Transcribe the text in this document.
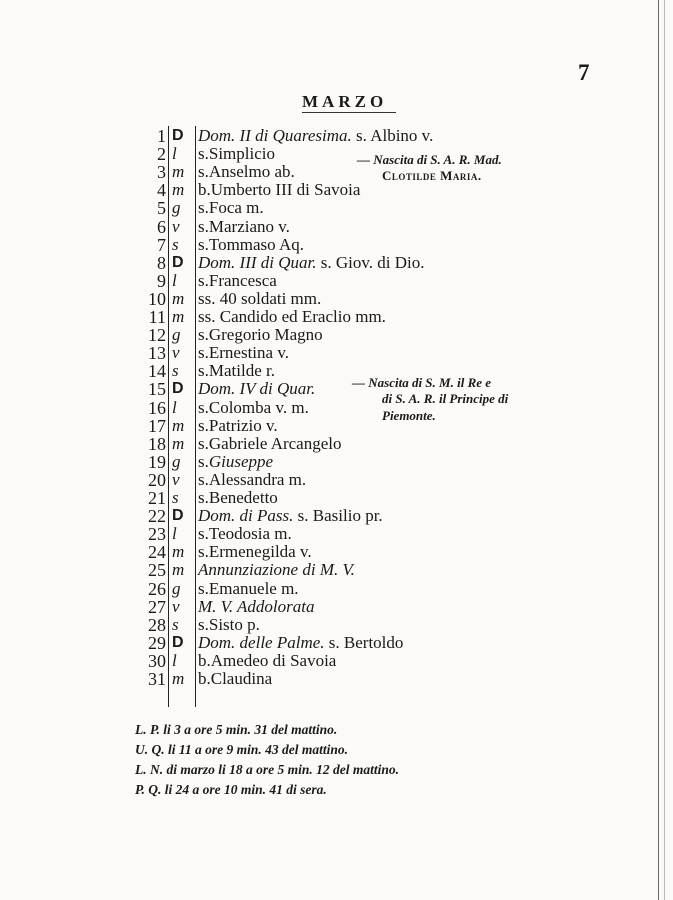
7
MARZO
1 D Dom. II di Quaresima. s. Albino v.
2 l s.Simplicio
3 m s.Anselmo ab.
4 m b.Umberto III di Savoia
5 g s.Foca m.
6 v s.Marziano v.
7 s s.Tommaso Aq.
8 D Dom. III di Quar. s. Giov. di Dio.
9 l s.Francesca
10 m ss. 40 soldati mm.
11 m ss. Candido ed Eraclio mm.
12 g s.Gregorio Magno
13 v s.Ernestina v.
14 s s.Matilde r.
15 D Dom. IV di Quar.
16 l s.Colomba v. m.
17 m s.Patrizio v.
18 m s.Gabriele Arcangelo
19 g s.Giuseppe
20 v s.Alessandra m.
21 s s.Benedetto
22 D Dom. di Pass. s. Basilio pr.
23 l s.Teodosia m.
24 m s.Ermenegilda v.
25 m Annunziazione di M. V.
26 g s.Emanuele m.
27 v M. V. Addolorata
28 s s.Sisto p.
29 D Dom. delle Palme. s. Bertoldo
30 l b.Amedeo di Savoia
31 m b.Claudina
— Nascita di S. A. R. Mad.
Clotilde Maria.
— Nascita di S. M. il Re e
di S. A. R. il Principe di
Piemonte.
L. P. li 3 a ore 5 min. 31 del mattino.
U. Q. li 11 a ore 9 min. 43 del mattino.
L. N. di marzo li 18 a ore 5 min. 12 del mattino.
P. Q. li 24 a ore 10 min. 41 di sera.
